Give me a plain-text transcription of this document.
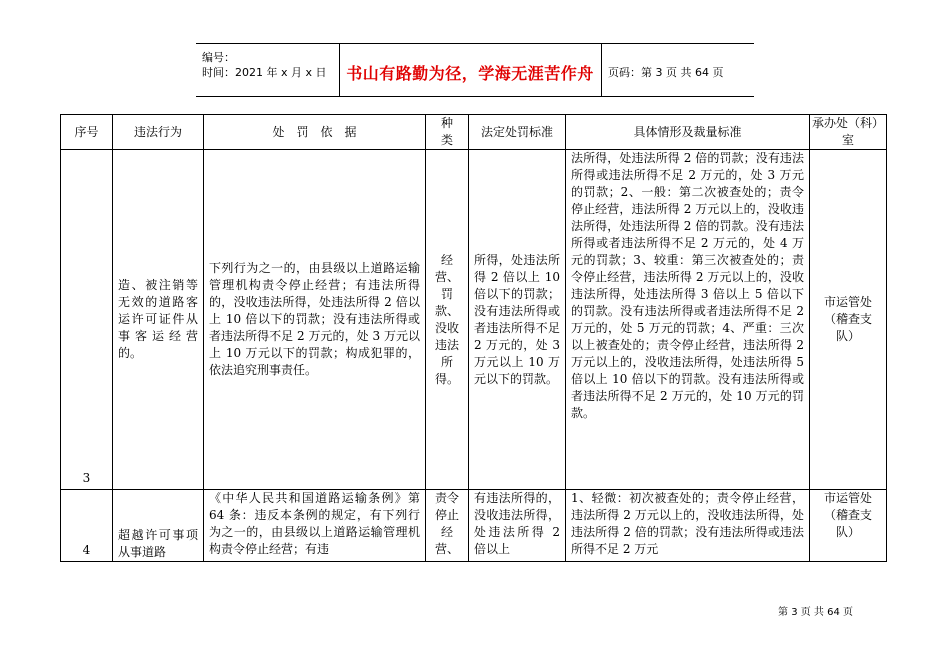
编号：
时间：2021 年 x 月 x 日	书山有路勤为径，学海无涯苦作舟	页码：第 3 页 共 64 页
序号	违法行为	处　罚　依　据	种类	法定处罚标准	具体情形及裁量标准	承办处（科）室
3	造、被注销等无效的道路客运许可证件从事客运经营的。	下列行为之一的，由县级以上道路运输管理机构责令停止经营；有违法所得的，没收违法所得，处违法所得 2 倍以上 10 倍以下的罚款；没有违法所得或者违法所得不足 2 万元的，处 3 万元以上 10 万元以下的罚款；构成犯罪的，依法追究刑事责任。	经营、罚款、没收违法所得。	所得，处违法所得 2 倍以上 10 倍以下的罚款；没有违法所得或者违法所得不足 2 万元的，处 3 万元以上 10 万元以下的罚款。	法所得，处违法所得 2 倍的罚款；没有违法所得或违法所得不足 2 万元的，处 3 万元的罚款；2、一般：第二次被查处的；责令停止经营，违法所得 2 万元以上的，没收违法所得，处违法所得 2 倍的罚款。没有违法所得或者违法所得不足 2 万元的，处 4 万元的罚款；3、较重：第三次被查处的；责令停止经营，违法所得 2 万元以上的，没收违法所得，处违法所得 3 倍以上 5 倍以下的罚款。没有违法所得或者违法所得不足 2 万元的，处 5 万元的罚款；4、严重：三次以上被查处的；责令停止经营，违法所得 2 万元以上的，没收违法所得，处违法所得 5 倍以上 10 倍以下的罚款。没有违法所得或者违法所得不足 2 万元的，处 10 万元的罚款。	市运管处（稽查支队）
4	超越许可事项从事道路	《中华人民共和国道路运输条例》第 64 条：违反本条例的规定，有下列行为之一的，由县级以上道路运输管理机构责令停止经营；有违	责令停止经营、	有违法所得的，没收违法所得，处违法所得 2 倍以上	1、轻微：初次被查处的；责令停止经营，违法所得 2 万元以上的，没收违法所得，处违法所得 2 倍的罚款；没有违法所得或违法所得不足 2 万元	市运管处（稽查支队）
第 3 页 共 64 页
